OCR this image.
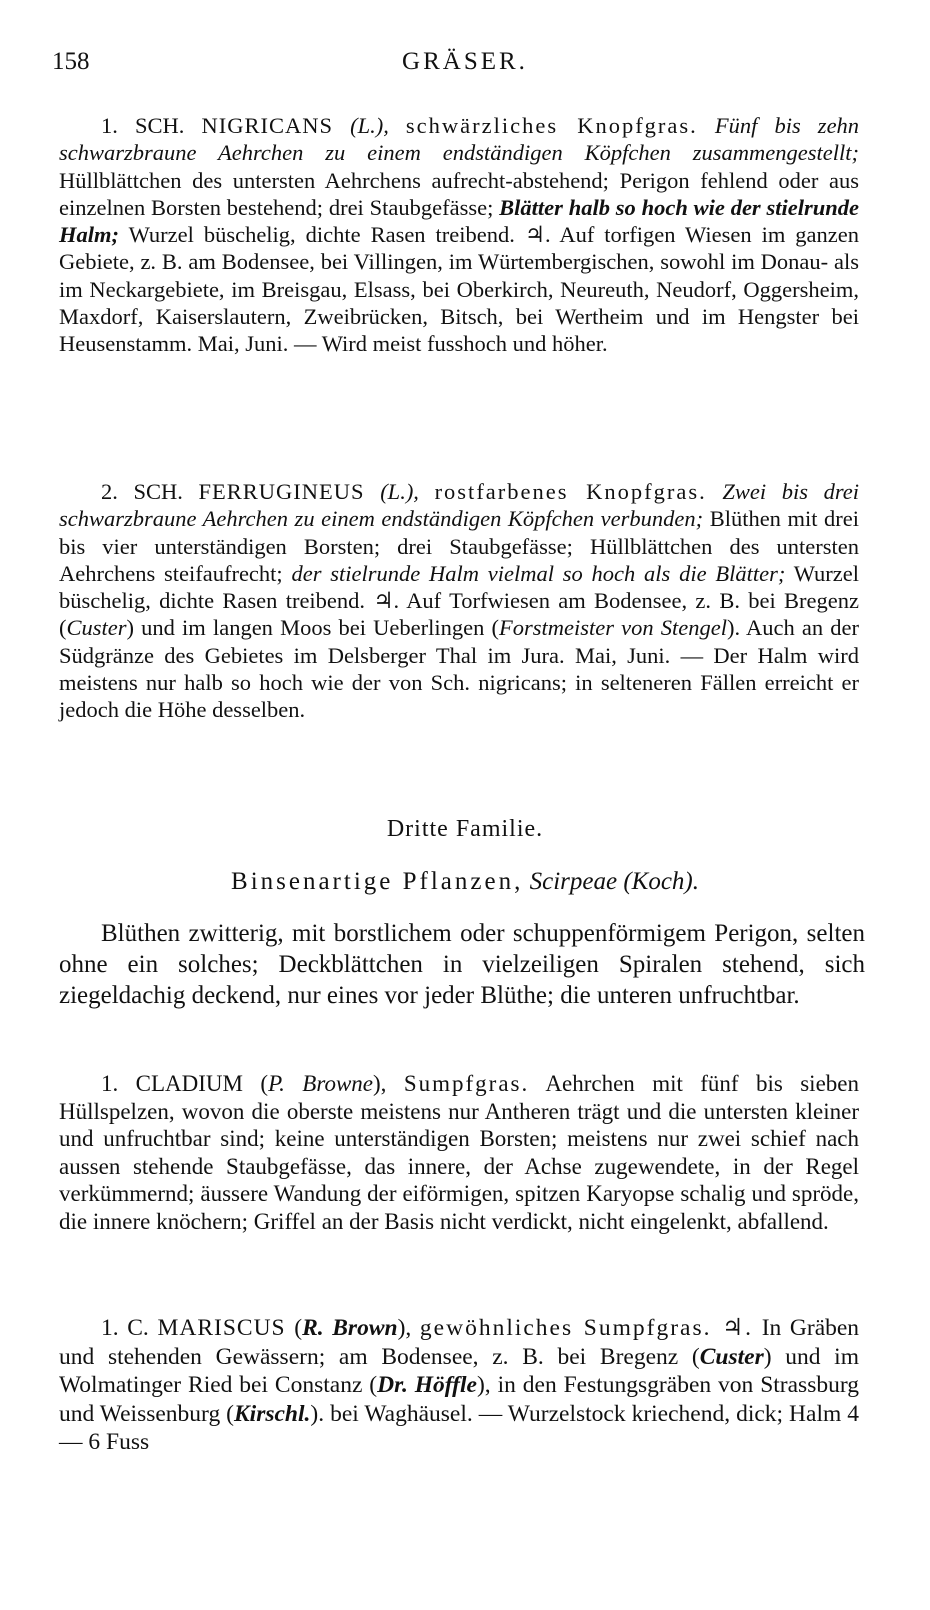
158	GRÄSER.

1. SCH. NIGRICANS (L.), schwärzliches Knopfgras. Fünf bis zehn schwarzbraune Aehrchen zu einem endständigen Köpfchen zusammengestellt; Hüllblättchen des untersten Aehrchens aufrecht-abstehend; Perigon fehlend oder aus einzelnen Borsten bestehend; drei Staubgefässe; Blätter halb so hoch wie der stielrunde Halm; Wurzel büschelig, dichte Rasen treibend. ♃. Auf torfigen Wiesen im ganzen Gebiete, z. B. am Bodensee, bei Villingen, im Würtembergischen, sowohl im Donau- als im Neckargebiete, im Breisgau, Elsass, bei Oberkirch, Neureuth, Neudorf, Oggersheim, Maxdorf, Kaiserslautern, Zweibrücken, Bitsch, bei Wertheim und im Hengster bei Heusenstamm. Mai, Juni. — Wird meist fusshoch und höher.

2. SCH. FERRUGINEUS (L.), rostfarbenes Knopfgras. Zwei bis drei schwarzbraune Aehrchen zu einem endständigen Köpfchen verbunden; Blüthen mit drei bis vier unterständigen Borsten; drei Staubgefässe; Hüllblättchen des untersten Aehrchens steifaufrecht; der stielrunde Halm vielmal so hoch als die Blätter; Wurzel büschelig, dichte Rasen treibend. ♃. Auf Torfwiesen am Bodensee, z. B. bei Bregenz (Custer) und im langen Moos bei Ueberlingen (Forstmeister von Stengel). Auch an der Südgränze des Gebietes im Delsberger Thal im Jura. Mai, Juni. — Der Halm wird meistens nur halb so hoch wie der von Sch. nigricans; in selteneren Fällen erreicht er jedoch die Höhe desselben.

Dritte Familie.

Binsenartige Pflanzen, Scirpeae (Koch).

Blüthen zwitterig, mit borstlichem oder schuppenförmigem Perigon, selten ohne ein solches; Deckblättchen in vielzeiligen Spiralen stehend, sich ziegeldachig deckend, nur eines vor jeder Blüthe; die unteren unfruchtbar.

1. CLADIUM (P. Browne), Sumpfgras. Aehrchen mit fünf bis sieben Hüllspelzen, wovon die oberste meistens nur Antheren trägt und die untersten kleiner und unfruchtbar sind; keine unterständigen Borsten; meistens nur zwei schief nach aussen stehende Staubgefässe, das innere, der Achse zugewendete, in der Regel verkümmernd; äussere Wandung der eiförmigen, spitzen Karyopse schalig und spröde, die innere knöchern; Griffel an der Basis nicht verdickt, nicht eingelenkt, abfallend.

1. C. MARISCUS (R. Brown), gewöhnliches Sumpfgras. ♃. In Gräben und stehenden Gewässern; am Bodensee, z. B. bei Bregenz (Custer) und im Wolmatinger Ried bei Constanz (Dr. Höffle), in den Festungsgräben von Strassburg und Weissenburg (Kirschl.). bei Waghäusel. — Wurzelstock kriechend, dick; Halm 4 — 6 Fuss
